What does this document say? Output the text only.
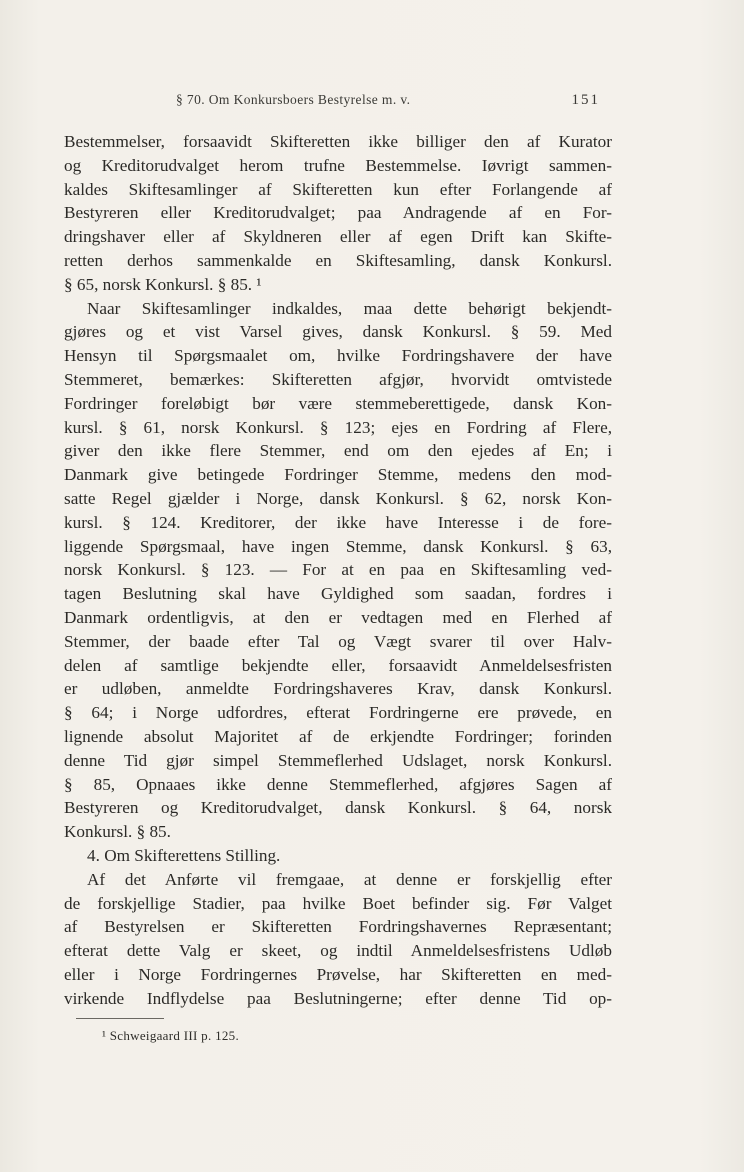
§ 70. Om Konkursboers Bestyrelse m. v.	151
Bestemmelser, forsaavidt Skifteretten ikke billiger den af Kurator
og Kreditorudvalget herom trufne Bestemmelse. Iøvrigt sammen-
kaldes Skiftesamlinger af Skifteretten kun efter Forlangende af
Bestyreren eller Kreditorudvalget; paa Andragende af en For-
dringshaver eller af Skyldneren eller af egen Drift kan Skifte-
retten derhos sammenkalde en Skiftesamling, dansk Konkursl.
§ 65, norsk Konkursl. § 85. ¹
Naar Skiftesamlinger indkaldes, maa dette behørigt bekjendt-
gjøres og et vist Varsel gives, dansk Konkursl. § 59. Med
Hensyn til Spørgsmaalet om, hvilke Fordringshavere der have
Stemmeret, bemærkes: Skifteretten afgjør, hvorvidt omtvistede
Fordringer foreløbigt bør være stemmeberettigede, dansk Kon-
kursl. § 61, norsk Konkursl. § 123; ejes en Fordring af Flere,
giver den ikke flere Stemmer, end om den ejedes af En; i
Danmark give betingede Fordringer Stemme, medens den mod-
satte Regel gjælder i Norge, dansk Konkursl. § 62, norsk Kon-
kursl. § 124. Kreditorer, der ikke have Interesse i de fore-
liggende Spørgsmaal, have ingen Stemme, dansk Konkursl. § 63,
norsk Konkursl. § 123. — For at en paa en Skiftesamling ved-
tagen Beslutning skal have Gyldighed som saadan, fordres i
Danmark ordentligvis, at den er vedtagen med en Flerhed af
Stemmer, der baade efter Tal og Vægt svarer til over Halv-
delen af samtlige bekjendte eller, forsaavidt Anmeldelsesfristen
er udløben, anmeldte Fordringshaveres Krav, dansk Konkursl.
§ 64; i Norge udfordres, efterat Fordringerne ere prøvede, en
lignende absolut Majoritet af de erkjendte Fordringer; forinden
denne Tid gjør simpel Stemmeflerhed Udslaget, norsk Konkursl.
§ 85, Opnaaes ikke denne Stemmeflerhed, afgjøres Sagen af
Bestyreren og Kreditorudvalget, dansk Konkursl. § 64, norsk
Konkursl. § 85.
4. Om Skifterettens Stilling.
Af det Anførte vil fremgaae, at denne er forskjellig efter
de forskjellige Stadier, paa hvilke Boet befinder sig. Før Valget
af Bestyrelsen er Skifteretten Fordringshavernes Repræsentant;
efterat dette Valg er skeet, og indtil Anmeldelsesfristens Udløb
eller i Norge Fordringernes Prøvelse, har Skifteretten en med-
virkende Indflydelse paa Beslutningerne; efter denne Tid op-
¹ Schweigaard III p. 125.
